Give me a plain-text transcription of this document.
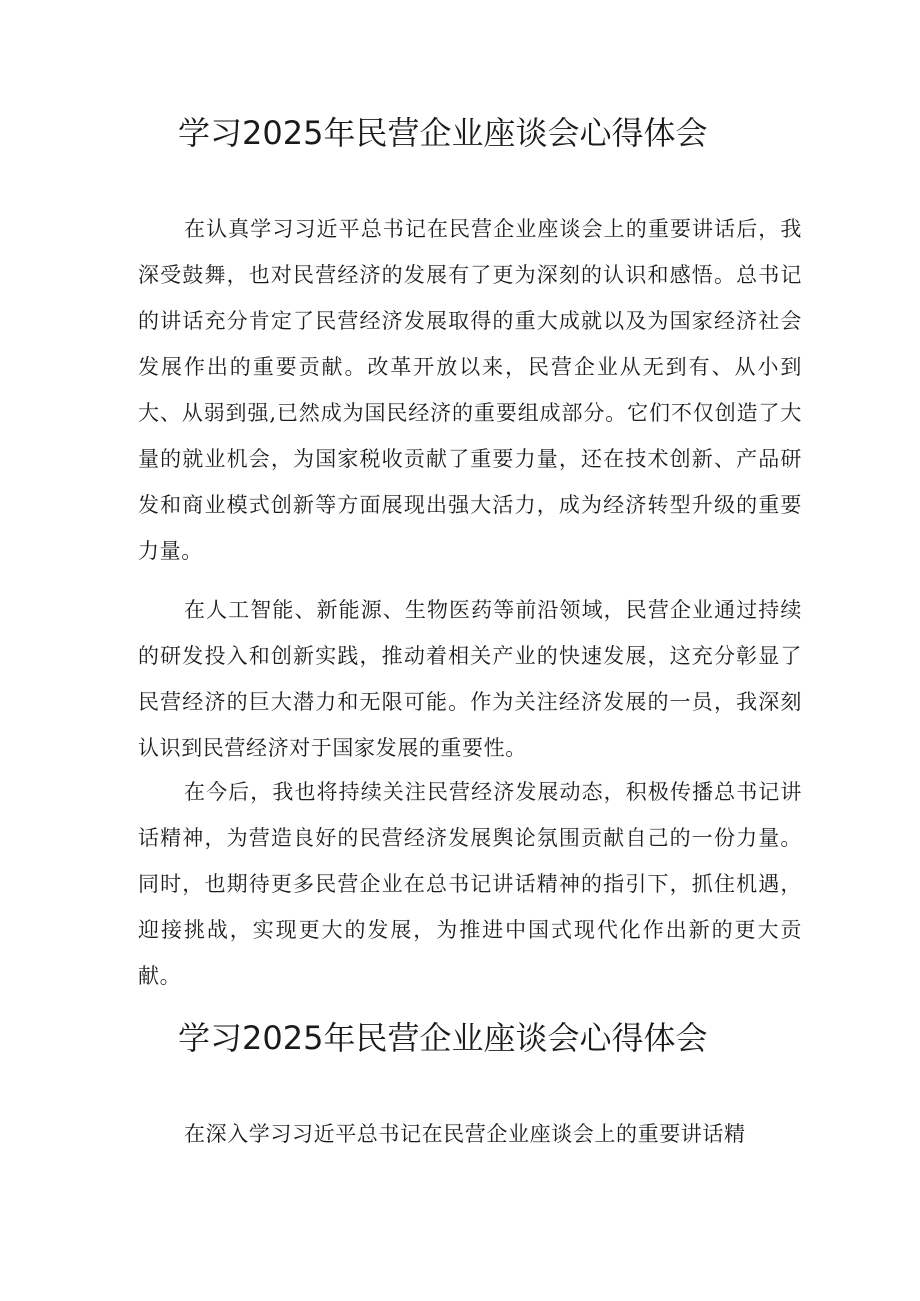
学习2025年民营企业座谈会心得体会

在认真学习习近平总书记在民营企业座谈会上的重要讲话后，我深受鼓舞，也对民营经济的发展有了更为深刻的认识和感悟。总书记的讲话充分肯定了民营经济发展取得的重大成就以及为国家经济社会发展作出的重要贡献。改革开放以来，民营企业从无到有、从小到大、从弱到强,已然成为国民经济的重要组成部分。它们不仅创造了大量的就业机会，为国家税收贡献了重要力量，还在技术创新、产品研发和商业模式创新等方面展现出强大活力，成为经济转型升级的重要力量。

在人工智能、新能源、生物医药等前沿领域，民营企业通过持续的研发投入和创新实践，推动着相关产业的快速发展，这充分彰显了民营经济的巨大潜力和无限可能。作为关注经济发展的一员，我深刻认识到民营经济对于国家发展的重要性。

在今后，我也将持续关注民营经济发展动态，积极传播总书记讲话精神，为营造良好的民营经济发展舆论氛围贡献自己的一份力量。同时，也期待更多民营企业在总书记讲话精神的指引下，抓住机遇，迎接挑战，实现更大的发展，为推进中国式现代化作出新的更大贡献。

学习2025年民营企业座谈会心得体会

在深入学习习近平总书记在民营企业座谈会上的重要讲话精
